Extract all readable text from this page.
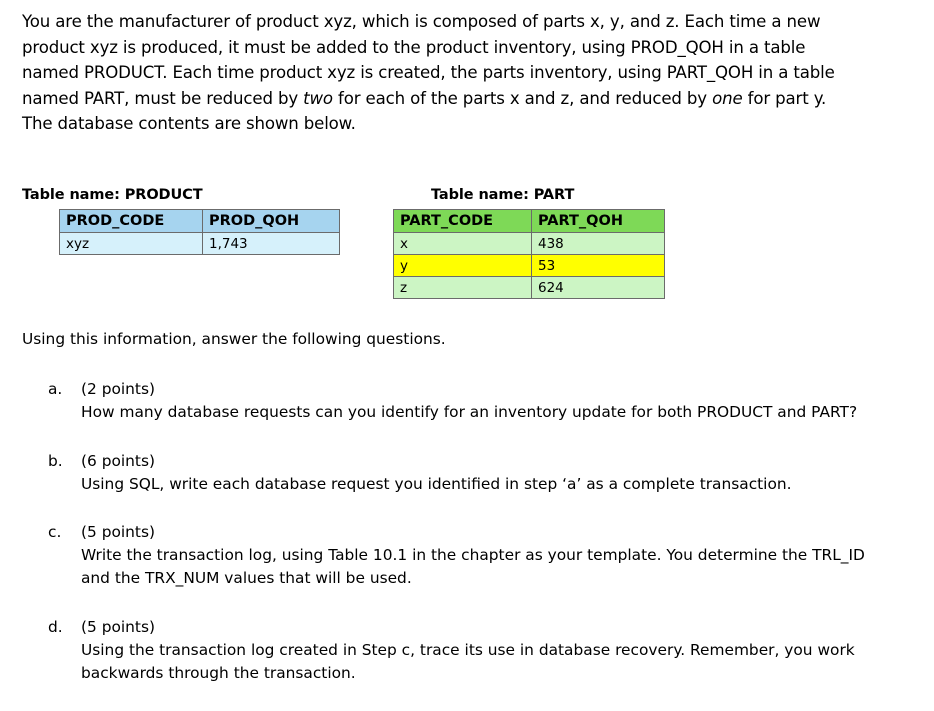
You are the manufacturer of product xyz, which is composed of parts x, y, and z. Each time a new

product xyz is produced, it must be added to the product inventory, using PROD_QOH in a table

named PRODUCT. Each time product xyz is created, the parts inventory, using PART_QOH in a table

named PART, must be reduced by two for each of the parts x and z, and reduced by one for part y.

The database contents are shown below.

Table name: PRODUCT
PROD_CODE	PROD_QOH
xyz	1,743
Table name: PART
PART_CODE	PART_QOH
x	438
y	53
z	624
Using this information, answer the following questions.
a. (2 points)

How many database requests can you identify for an inventory update for both PRODUCT and PART?

b. (6 points)

Using SQL, write each database request you identified in step ‘a’ as a complete transaction.

c. (5 points)

Write the transaction log, using Table 10.1 in the chapter as your template. You determine the TRL_ID

and the TRX_NUM values that will be used.

d. (5 points)

Using the transaction log created in Step c, trace its use in database recovery. Remember, you work

backwards through the transaction.
